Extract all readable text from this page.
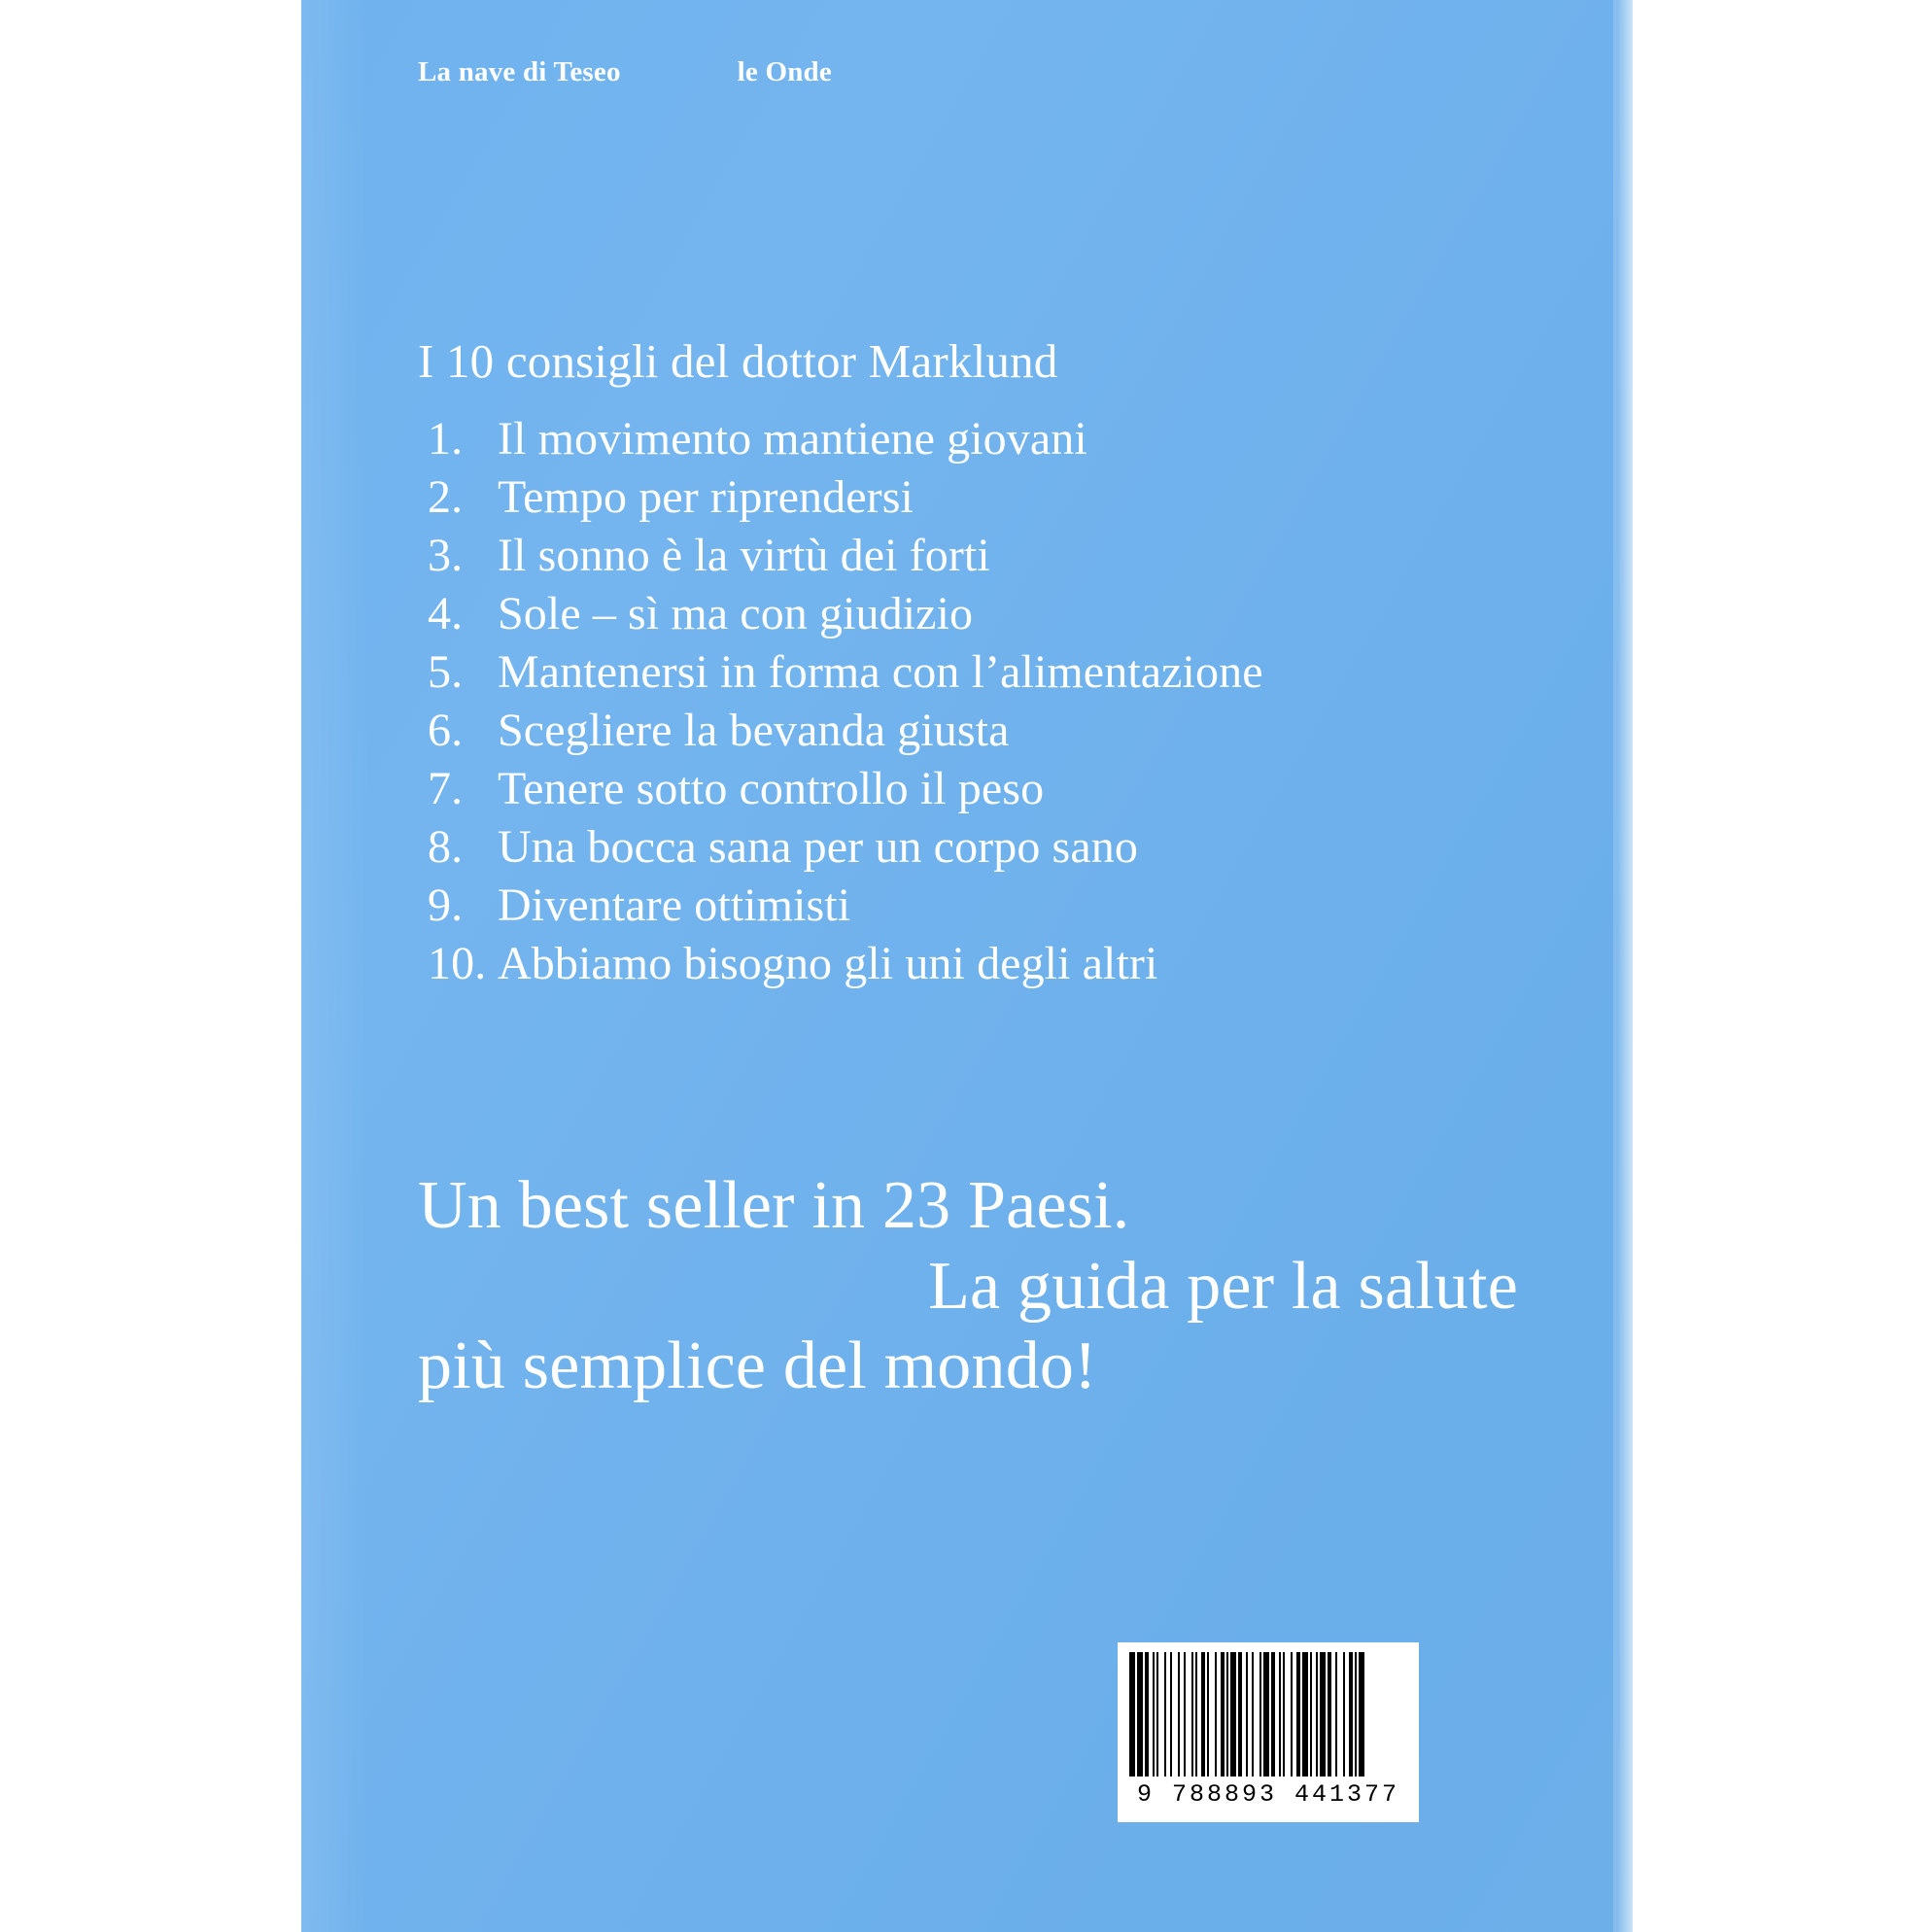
La nave di Teseo	le Onde
I 10 consigli del dottor Marklund
1. Il movimento mantiene giovani
2. Tempo per riprendersi
3. Il sonno è la virtù dei forti
4. Sole – sì ma con giudizio
5. Mantenersi in forma con l’alimentazione
6. Scegliere la bevanda giusta
7. Tenere sotto controllo il peso
8. Una bocca sana per un corpo sano
9. Diventare ottimisti
10. Abbiamo bisogno gli uni degli altri
Un best seller in 23 Paesi.
La guida per la salute
più semplice del mondo!
9 788893 441377
